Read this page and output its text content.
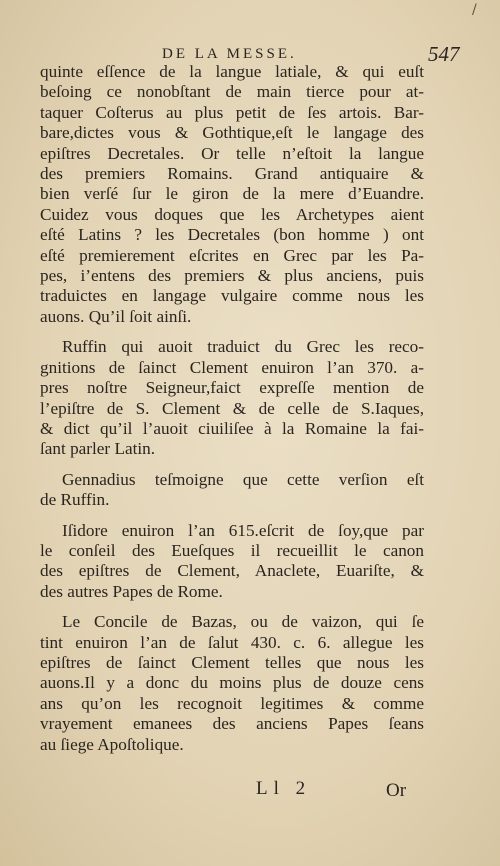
DE LA MESSE.	547

quinte eſſence de la langue latiale, & qui euſt
beſoing ce nonobſtant de main tierce pour at-
taquer Coſterus au plus petit de ſes artois. Bar-
bare,dictes vous & Gothtique,eſt le langage des
epiſtres Decretales. Or telle n’eſtoit la langue
des premiers Romains. Grand antiquaire &
bien verſé ſur le giron de la mere d’Euandre.
Cuidez vous doques que les Archetypes aient
eſté Latins ? les Decretales (bon homme ) ont
eſté premierement eſcrites en Grec par les Pa-
pes, i’entens des premiers & plus anciens, puis
traduictes en langage vulgaire comme nous les
auons. Qu’il ſoit ainſi.

Ruffin qui auoit traduict du Grec les reco-
gnitions de ſainct Clement enuiron l’an 370. a-
pres noſtre Seigneur,faict expreſſe mention de
l’epiſtre de S. Clement & de celle de S.Iaques,
& dict qu’il l’auoit ciuiliſee à la Romaine la fai-
ſant parler Latin.

Gennadius teſmoigne que cette verſion eſt
de Ruffin.

Iſidore enuiron l’an 615.eſcrit de ſoy,que par
le conſeil des Eueſques il recueillit le canon
des epiſtres de Clement, Anaclete, Euariſte, &
des autres Papes de Rome.

Le Concile de Bazas, ou de vaizon, qui ſe
tint enuiron l’an de ſalut 430. c. 6. allegue les
epiſtres de ſainct Clement telles que nous les
auons.Il y a donc du moins plus de douze cens
ans qu’on les recognoit legitimes & comme
vrayement emanees des anciens Papes ſeans
au ſiege Apoſtolique.

Ll 2	Or
/
